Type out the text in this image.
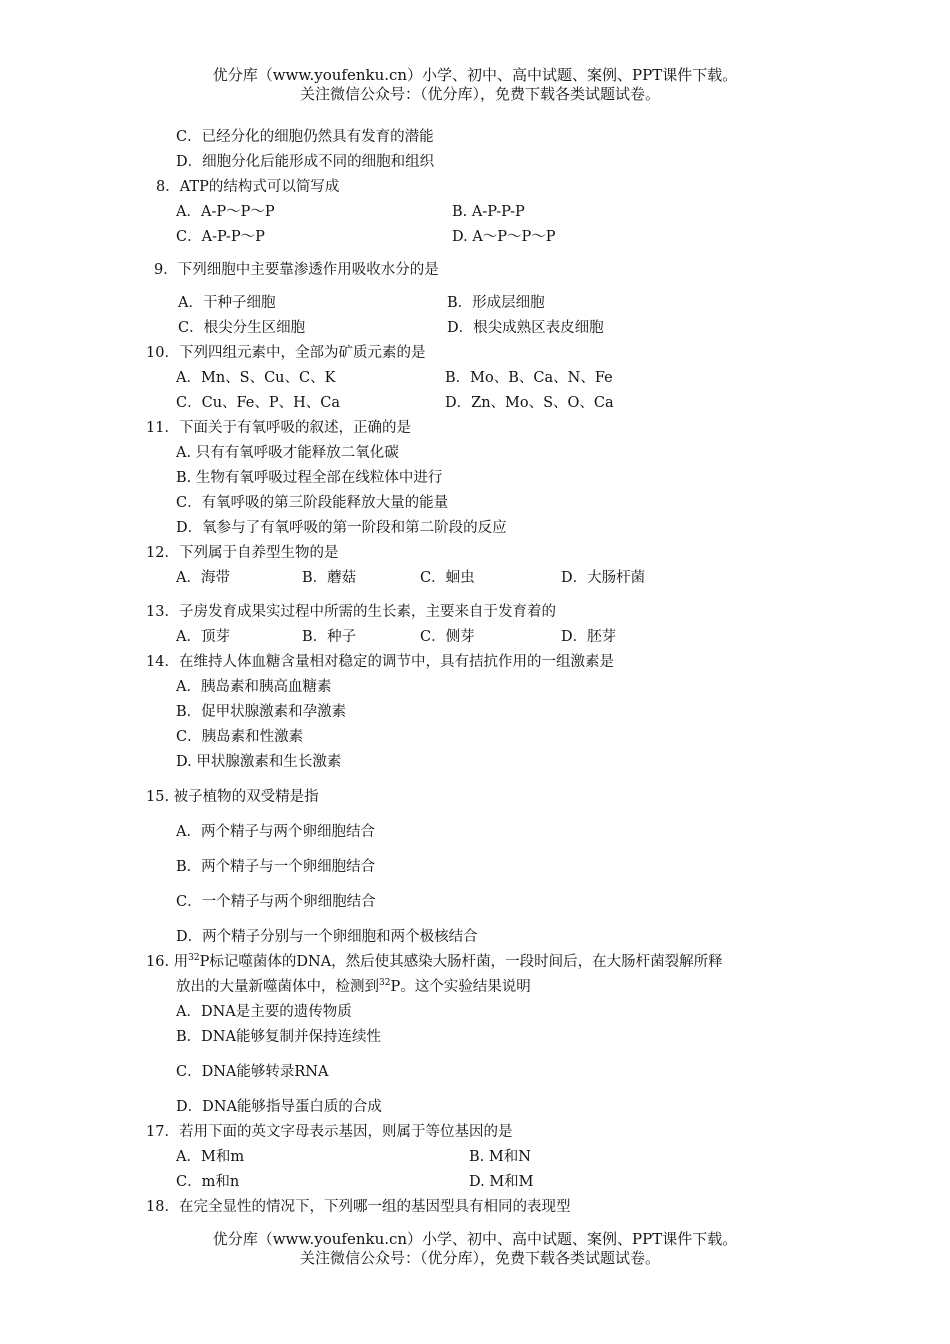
优分库（www.youfenku.cn）小学、初中、高中试题、案例、PPT课件下载。
关注微信公众号：（优分库），免费下载各类试题试卷。
C．已经分化的细胞仍然具有发育的潜能
D．细胞分化后能形成不同的细胞和组织
8．ATP的结构式可以简写成
A．A-P～P～P	B. A-P-P-P
C．A-P-P～P	D. A～P～P～P
9．下列细胞中主要靠渗透作用吸收水分的是
A．干种子细胞	B．形成层细胞
C．根尖分生区细胞	D．根尖成熟区表皮细胞
10．下列四组元素中，全部为矿质元素的是
A．Mn、S、Cu、C、K	B．Mo、B、Ca、N、Fe
C．Cu、Fe、P、H、Ca	D．Zn、Mo、S、O、Ca
11．下面关于有氧呼吸的叙述，正确的是
A. 只有有氧呼吸才能释放二氧化碳
B. 生物有氧呼吸过程全部在线粒体中进行
C．有氧呼吸的第三阶段能释放大量的能量
D．氧参与了有氧呼吸的第一阶段和第二阶段的反应
12．下列属于自养型生物的是
A．海带	B．蘑菇	C．蛔虫	D．大肠杆菌
13．子房发育成果实过程中所需的生长素，主要来自于发育着的
A．顶芽	B．种子	C．侧芽	D．胚芽
14．在维持人体血糖含量相对稳定的调节中，具有拮抗作用的一组激素是
A．胰岛素和胰高血糖素
B．促甲状腺激素和孕激素
C．胰岛素和性激素
D. 甲状腺激素和生长激素
15. 被子植物的双受精是指
A．两个精子与两个卵细胞结合
B．两个精子与一个卵细胞结合
C．一个精子与两个卵细胞结合
D．两个精子分别与一个卵细胞和两个极核结合
16. 用$^{32}$P标记噬菌体的DNA，然后使其感染大肠杆菌，一段时间后，在大肠杆菌裂解所释
放出的大量新噬菌体中，检测到$^{32}$P。这个实验结果说明
A．DNA是主要的遗传物质
B．DNA能够复制并保持连续性
C．DNA能够转录RNA
D．DNA能够指导蛋白质的合成
17．若用下面的英文字母表示基因，则属于等位基因的是
A．M和m	B. M和N
C．m和n	D. M和M
18．在完全显性的情况下，下列哪一组的基因型具有相同的表现型
优分库（www.youfenku.cn）小学、初中、高中试题、案例、PPT课件下载。
关注微信公众号：（优分库），免费下载各类试题试卷。
